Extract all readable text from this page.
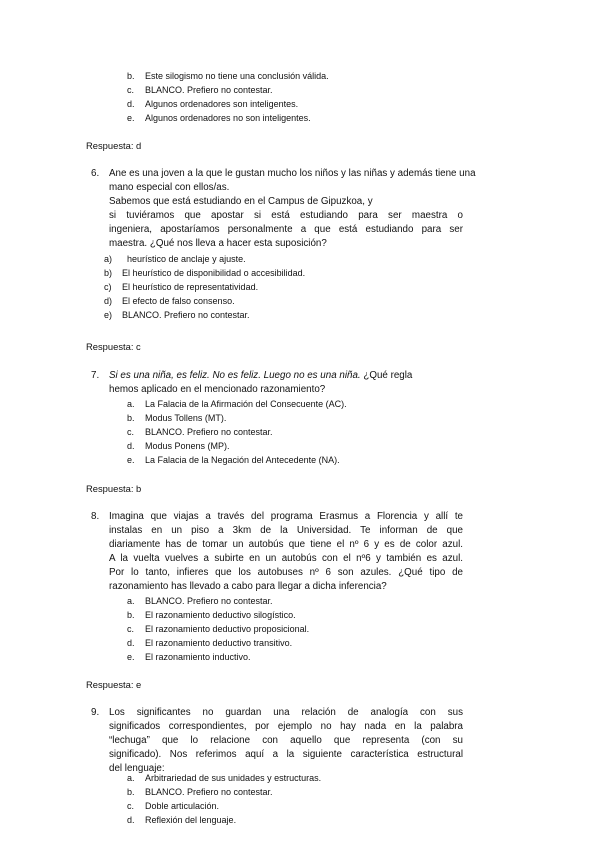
b. Este silogismo no tiene una conclusión válida.
c. BLANCO. Prefiero no contestar.
d. Algunos ordenadores son inteligentes.
e. Algunos ordenadores no son inteligentes.
Respuesta: d
6. Ane es una joven a la que le gustan mucho los niños y las niñas y además tiene una
mano especial con ellos/as.
Sabemos que está estudiando en el Campus de Gipuzkoa, y
si tuviéramos que apostar si está estudiando para ser maestra o
ingeniera, apostaríamos personalmente a que está estudiando para ser
maestra. ¿Qué nos lleva a hacer esta suposición?
a) heurístico de anclaje y ajuste.
b) El heurístico de disponibilidad o accesibilidad.
c) El heurístico de representatividad.
d) El efecto de falso consenso.
e) BLANCO. Prefiero no contestar.
Respuesta: c
7. Si es una niña, es feliz. No es feliz. Luego no es una niña. ¿Qué regla
hemos aplicado en el mencionado razonamiento?
a. La Falacia de la Afirmación del Consecuente (AC).
b. Modus Tollens (MT).
c. BLANCO. Prefiero no contestar.
d. Modus Ponens (MP).
e. La Falacia de la Negación del Antecedente (NA).
Respuesta: b
8. Imagina que viajas a través del programa Erasmus a Florencia y allí te
instalas en un piso a 3km de la Universidad. Te informan de que
diariamente has de tomar un autobús que tiene el nº 6 y es de color azul.
A la vuelta vuelves a subirte en un autobús con el nº6 y también es azul.
Por lo tanto, infieres que los autobuses nº 6 son azules. ¿Qué tipo de
razonamiento has llevado a cabo para llegar a dicha inferencia?
a. BLANCO. Prefiero no contestar.
b. El razonamiento deductivo silogístico.
c. El razonamiento deductivo proposicional.
d. El razonamiento deductivo transitivo.
e. El razonamiento inductivo.
Respuesta: e
9. Los significantes no guardan una relación de analogía con sus
significados correspondientes, por ejemplo no hay nada en la palabra
“lechuga” que lo relacione con aquello que representa (con su
significado). Nos referimos aquí a la siguiente característica estructural
del lenguaje:
a. Arbitrariedad de sus unidades y estructuras.
b. BLANCO. Prefiero no contestar.
c. Doble articulación.
d. Reflexión del lenguaje.
